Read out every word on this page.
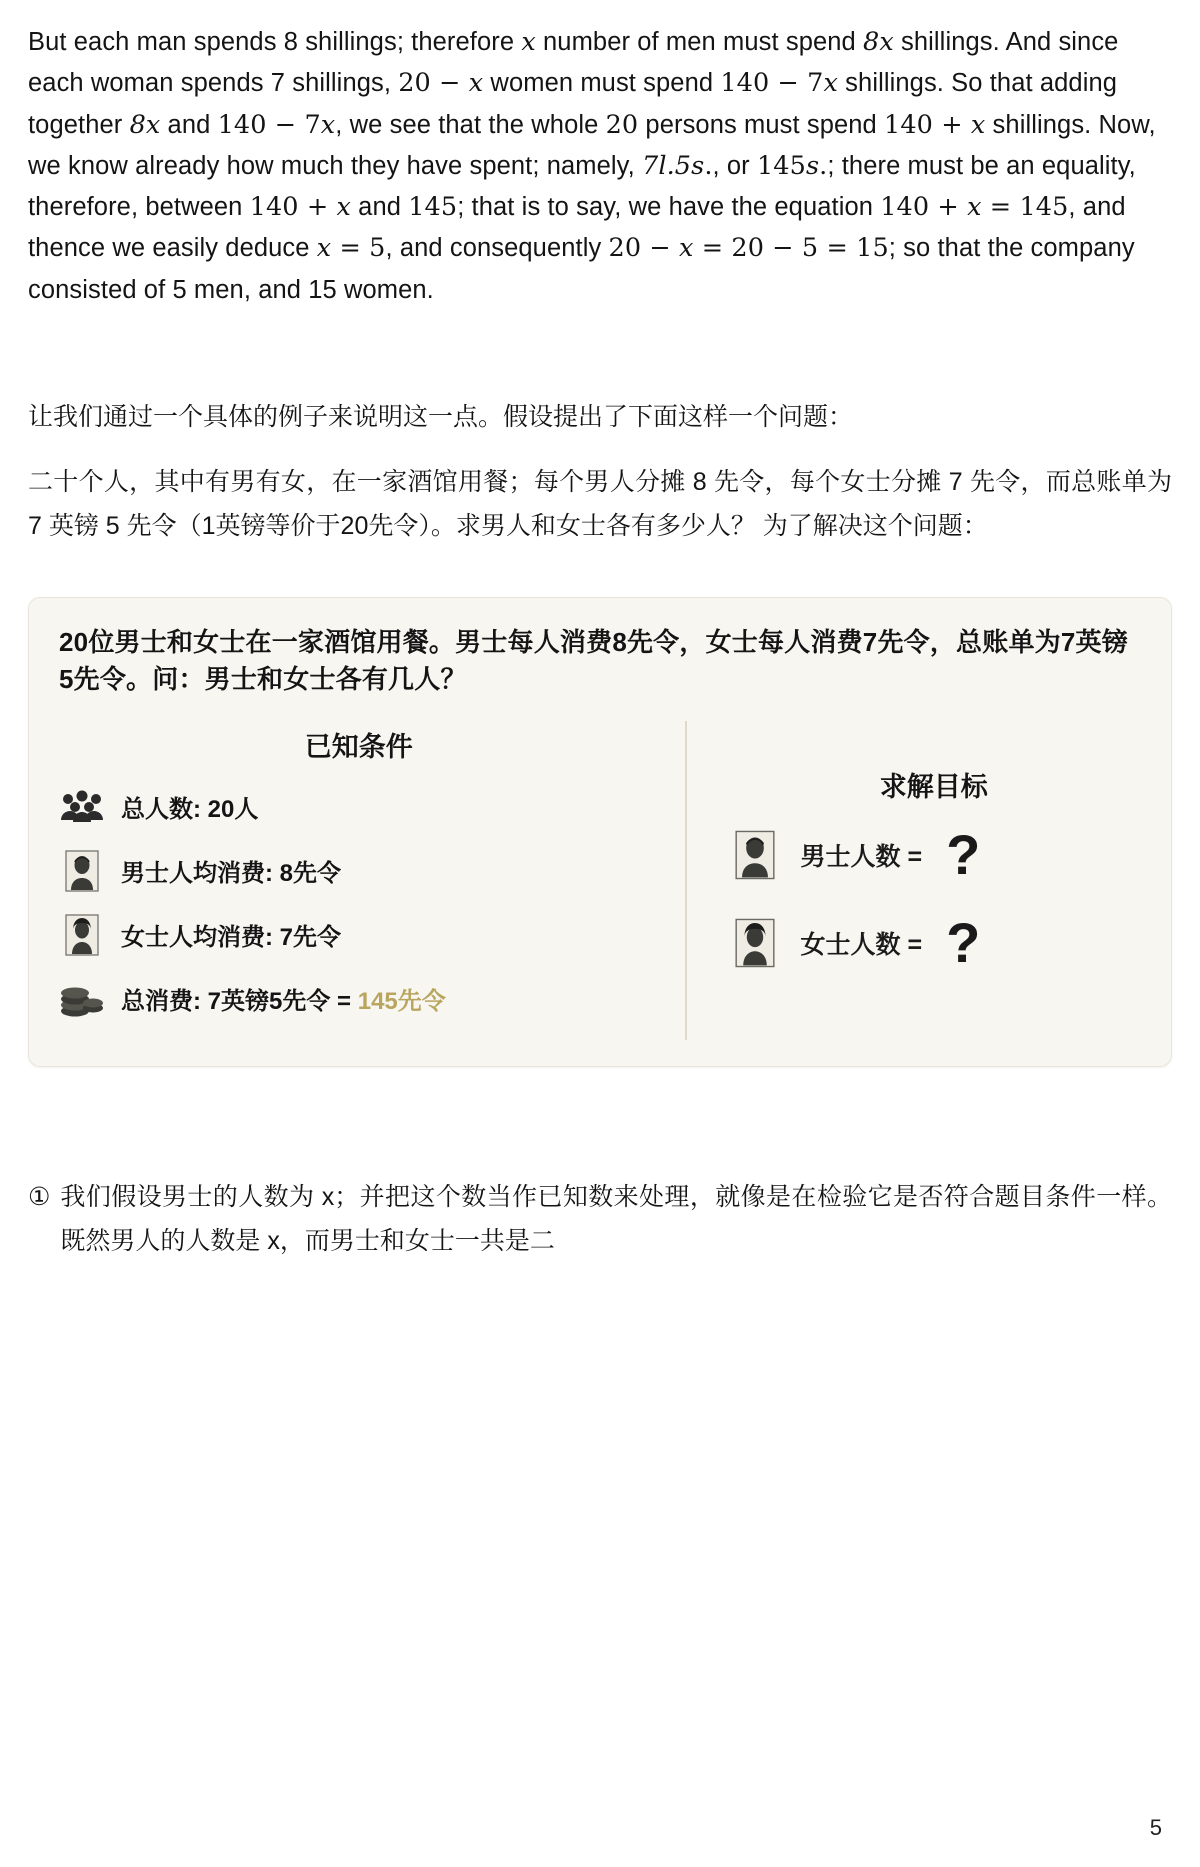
But each man spends 8 shillings; therefore x number of men must spend 8x shillings. And since each woman spends 7 shillings, 20 − x women must spend 140 − 7x shillings. So that adding together 8x and 140 − 7x, we see that the whole 20 persons must spend 140 + x shillings. Now, we know already how much they have spent; namely, 7l.5s., or 145s.; there must be an equality, therefore, between 140 + x and 145; that is to say, we have the equation 140 + x = 145, and thence we easily deduce x = 5, and consequently 20 − x = 20 − 5 = 15; so that the company consisted of 5 men, and 15 women.

让我们通过一个具体的例子来说明这一点。假设提出了下面这样一个问题：

二十个人，其中有男有女，在一家酒馆用餐；每个男人分摊 8 先令，每个女士分摊 7 先令，而总账单为 7 英镑 5 先令（1英镑等价于20先令）。求男人和女士各有多少人？ 为了解决这个问题：

20位男士和女士在一家酒馆用餐。男士每人消费8先令，女士每人消费7先令，总账单为7英镑5先令。问：男士和女士各有几人？
已知条件
总人数: 20人
男士人均消费: 8先令
女士人均消费: 7先令
总消费: 7英镑5先令 = 145先令
求解目标
男士人数 = ?
女士人数 = ?
① 我们假设男士的人数为 x；并把这个数当作已知数来处理，就像是在检验它是否符合题目条件一样。既然男人的人数是 x，而男士和女士一共是二
5
